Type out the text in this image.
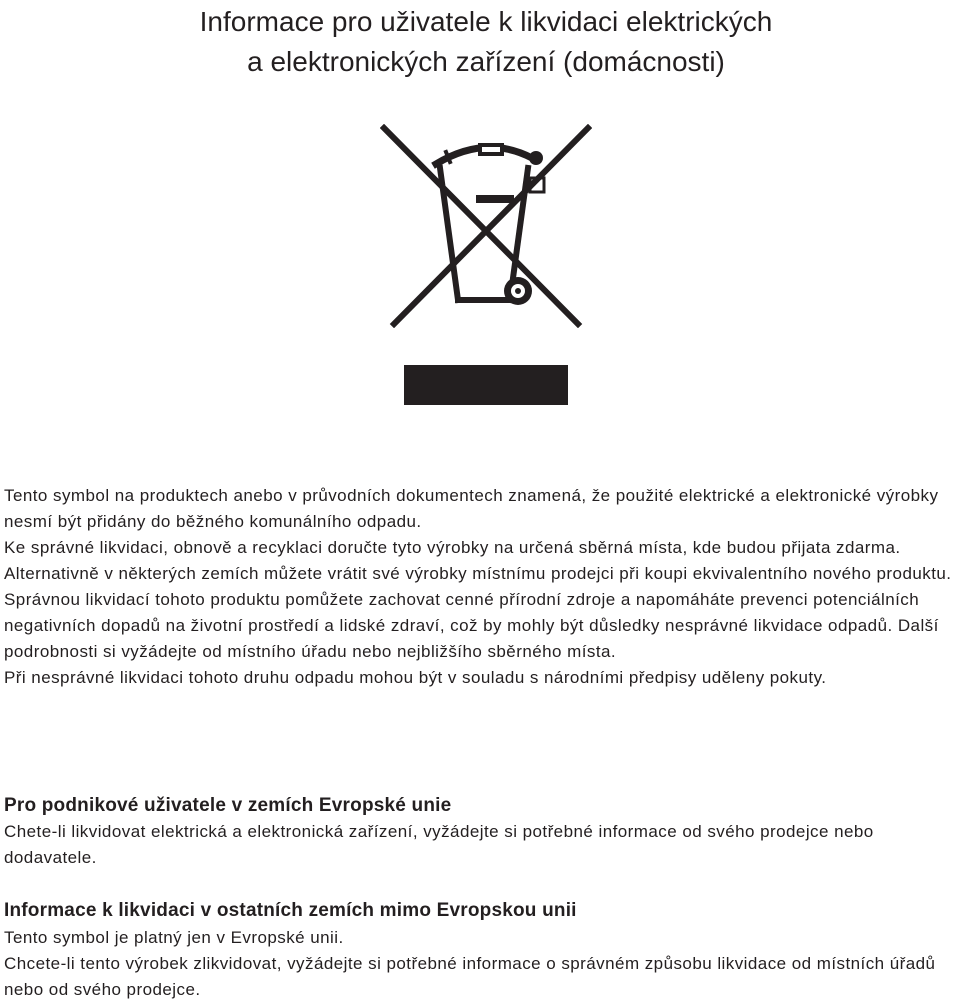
Informace pro uživatele k likvidaci elektrických
a elektronických zařízení (domácnosti)

Tento symbol na produktech anebo v průvodních dokumentech znamená, že použité elektrické a elektronické výrobky nesmí být přidány do běžného komunálního odpadu.

Ke správné likvidaci, obnově a recyklaci doručte tyto výrobky na určená sběrná místa, kde budou přijata zdarma. Alternativně v některých zemích můžete vrátit své výrobky místnímu prodejci při koupi ekvivalentního nového produktu.

Správnou likvidací tohoto produktu pomůžete zachovat cenné přírodní zdroje a napomáháte prevenci potenciálních negativních dopadů na životní prostředí a lidské zdraví, což by mohly být důsledky nesprávné likvidace odpadů. Další podrobnosti si vyžádejte od místního úřadu nebo nejbližšího sběrného místa.

Při nesprávné likvidaci tohoto druhu odpadu mohou být v souladu s národními předpisy uděleny pokuty.

Pro podnikové uživatele v zemích Evropské unie

Chete-li likvidovat elektrická a elektronická zařízení, vyžádejte si potřebné informace od svého prodejce nebo dodavatele.

Informace k likvidaci v ostatních zemích mimo Evropskou unii

Tento symbol je platný jen v Evropské unii.

Chcete-li tento výrobek zlikvidovat, vyžádejte si potřebné informace o správném způsobu likvidace od místních úřadů nebo od svého prodejce.
